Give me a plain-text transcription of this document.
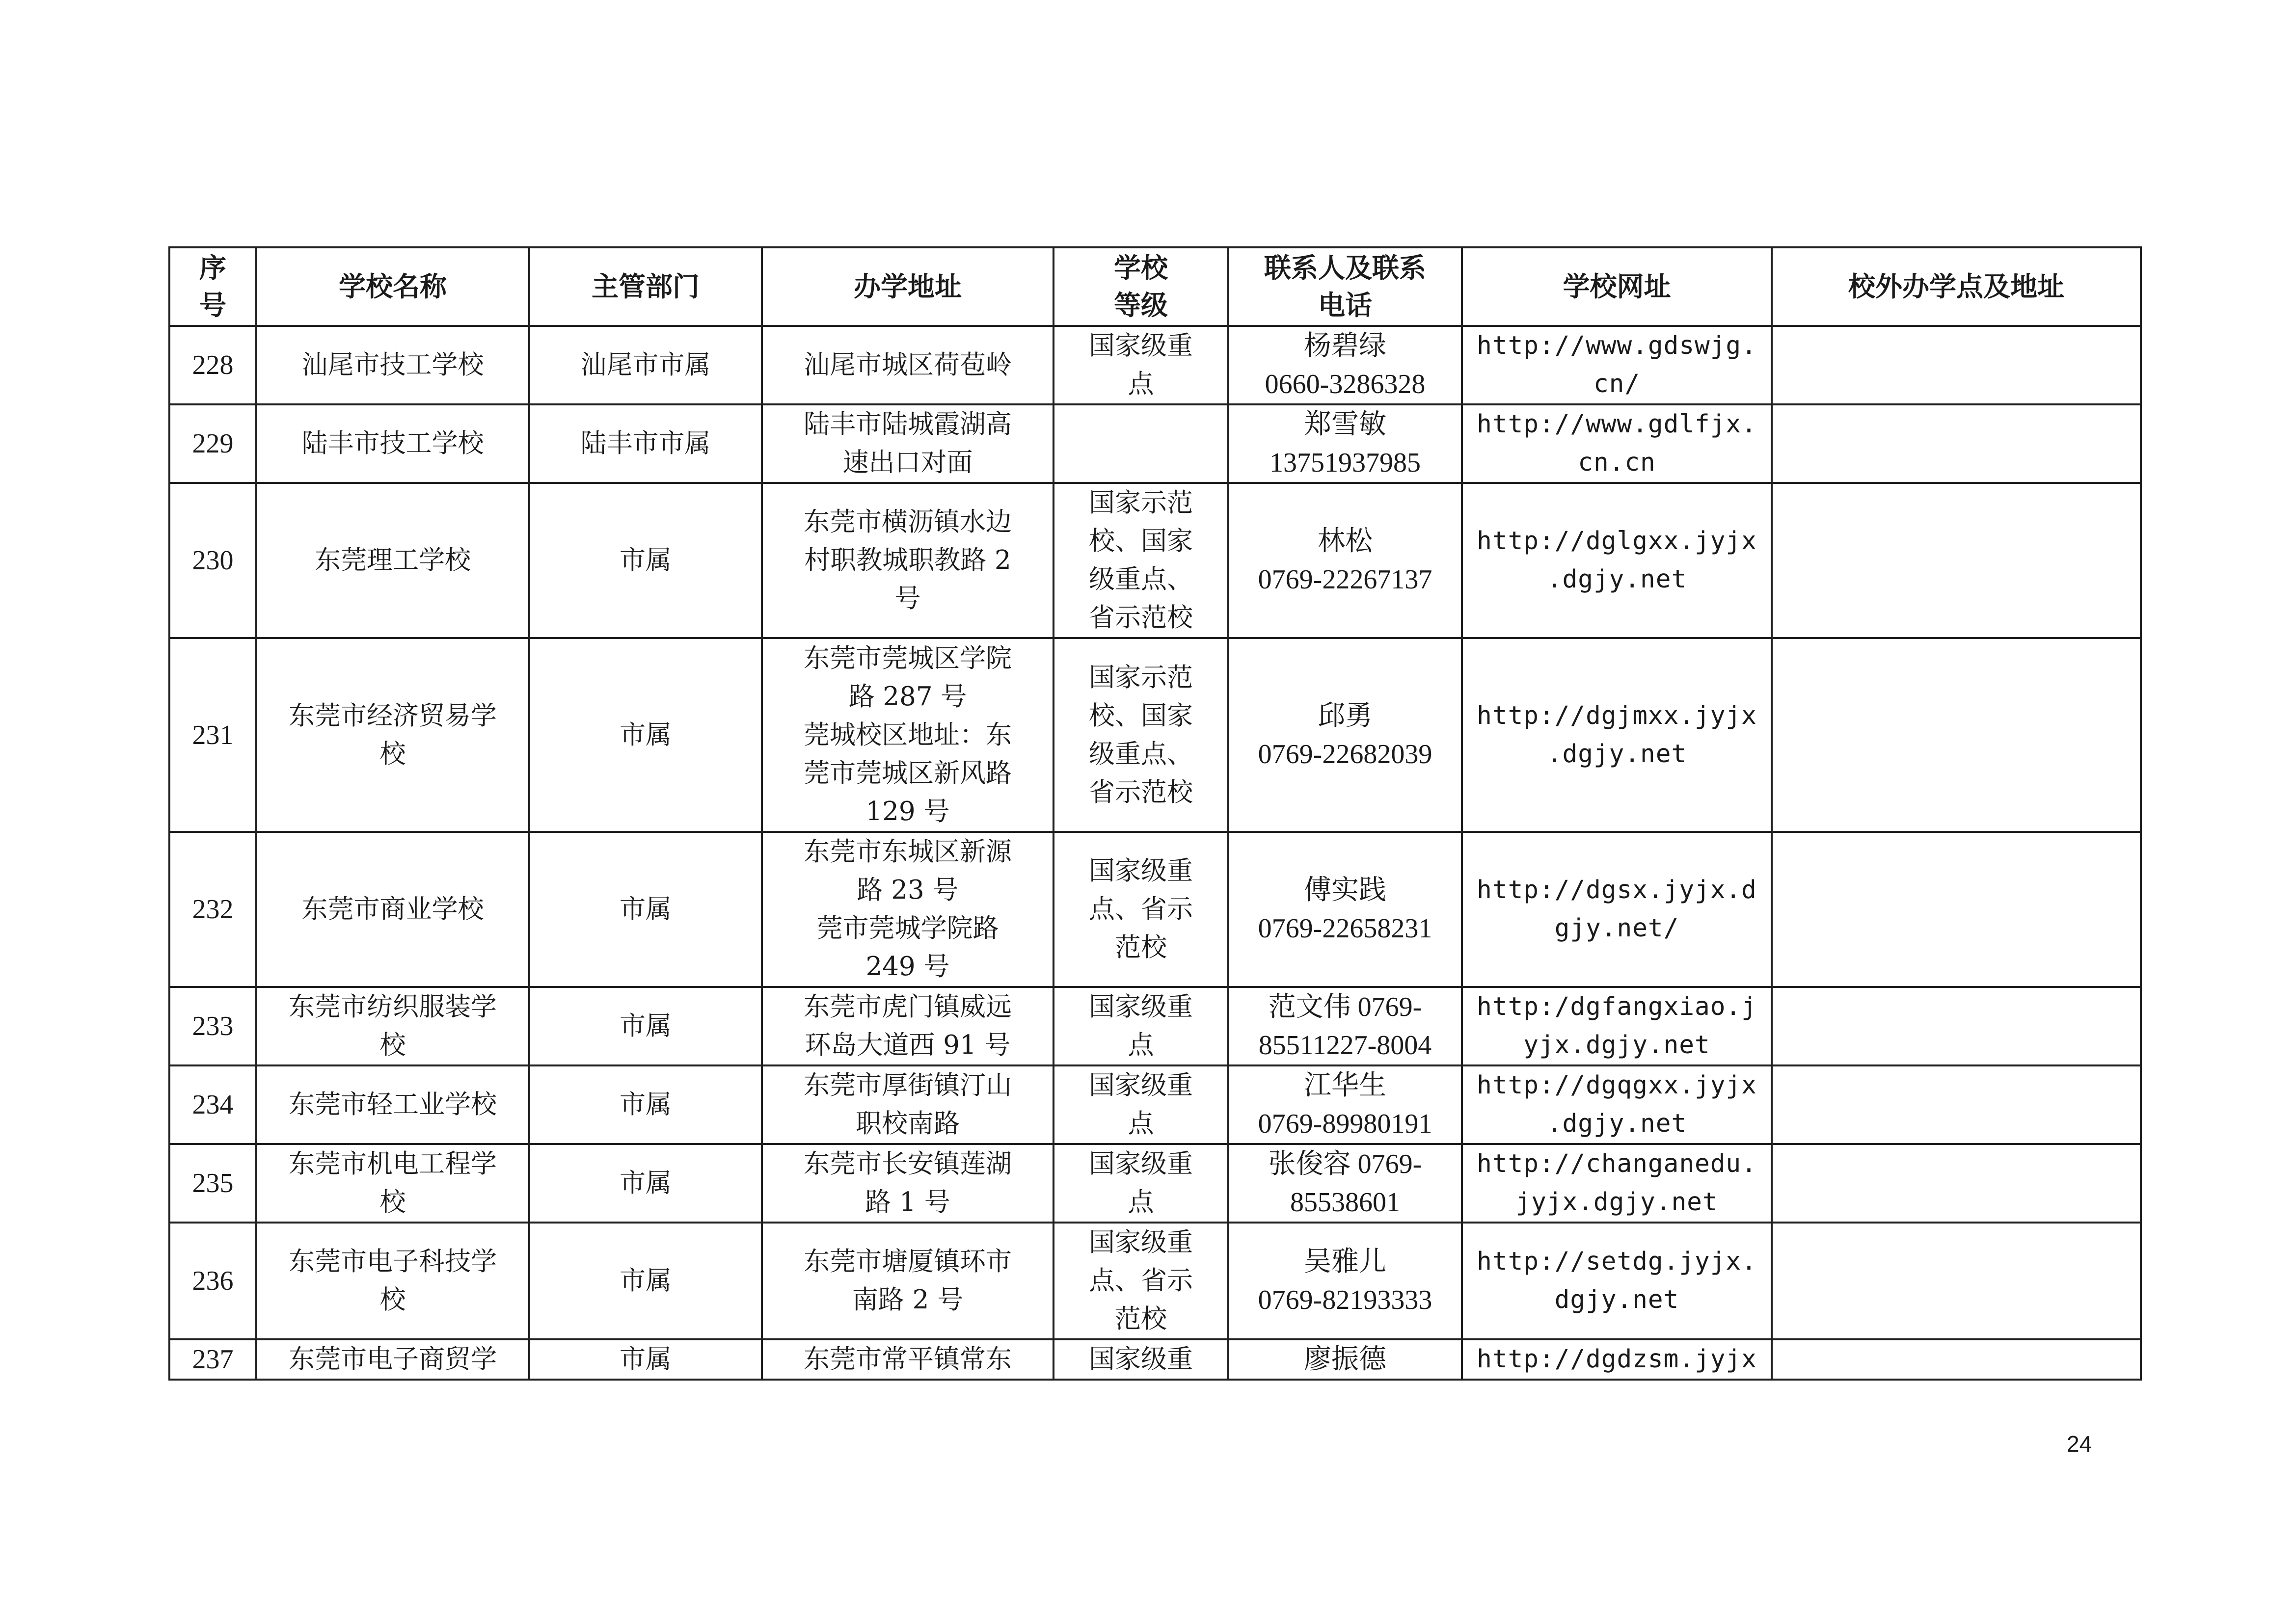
序
号	学校名称	主管部门	办学地址	学校
等级	联系人及联系
电话	学校网址	校外办学点及地址

228	汕尾市技工学校	汕尾市市属	汕尾市城区荷苞岭	国家级重
点	杨碧绿
0660-3286328	http://www.gdswjg.
cn/	

229	陆丰市技工学校	陆丰市市属	陆丰市陆城霞湖高
速出口对面		郑雪敏
13751937985	http://www.gdlfjx.
cn.cn	

230	东莞理工学校	市属	东莞市横沥镇水边
村职教城职教路 2
号	国家示范
校、国家
级重点、
省示范校	林松
0769-22267137	http://dglgxx.jyjx
.dgjy.net	

231	东莞市经济贸易学
校	市属	东莞市莞城区学院
路 287 号
莞城校区地址：东
莞市莞城区新风路
129 号	国家示范
校、国家
级重点、
省示范校	邱勇
0769-22682039	http://dgjmxx.jyjx
.dgjy.net	

232	东莞市商业学校	市属	东莞市东城区新源
路 23 号
莞市莞城学院路
249 号	国家级重
点、省示
范校	傅实践
0769-22658231	http://dgsx.jyjx.d
gjy.net/	

233	东莞市纺织服装学
校	市属	东莞市虎门镇威远
环岛大道西 91 号	国家级重
点	范文伟 0769-
85511227-8004	http:/dgfangxiao.j
yjx.dgjy.net	

234	东莞市轻工业学校	市属	东莞市厚街镇汀山
职校南路	国家级重
点	江华生
0769-89980191	http://dgqgxx.jyjx
.dgjy.net	

235	东莞市机电工程学
校	市属	东莞市长安镇莲湖
路 1 号	国家级重
点	张俊容 0769-
85538601	http://changanedu.
jyjx.dgjy.net	

236	东莞市电子科技学
校	市属	东莞市塘厦镇环市
南路 2 号	国家级重
点、省示
范校	吴雅儿
0769-82193333	http://setdg.jyjx.
dgjy.net	

237	东莞市电子商贸学	市属	东莞市常平镇常东	国家级重	廖振德	http://dgdzsm.jyjx	

24
